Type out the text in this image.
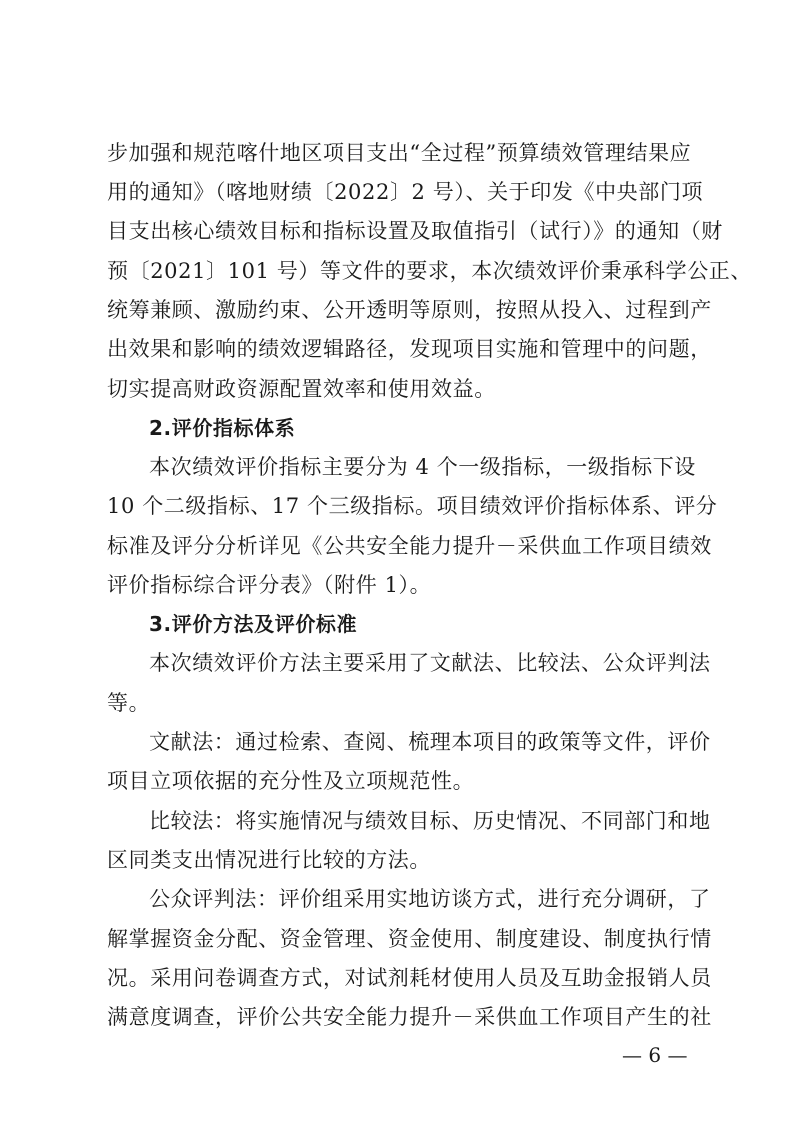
步加强和规范喀什地区项目支出“全过程”预算绩效管理结果应
用的通知》（喀地财绩〔2022〕2 号）、关于印发《中央部门项
目支出核心绩效目标和指标设置及取值指引（试行）》的通知（财
预〔2021〕101 号）等文件的要求，本次绩效评价秉承科学公正、
统筹兼顾、激励约束、公开透明等原则，按照从投入、过程到产
出效果和影响的绩效逻辑路径，发现项目实施和管理中的问题，
切实提高财政资源配置效率和使用效益。
2.评价指标体系
本次绩效评价指标主要分为 4 个一级指标，一级指标下设
10 个二级指标、17 个三级指标。项目绩效评价指标体系、评分
标准及评分分析详见《公共安全能力提升－采供血工作项目绩效
评价指标综合评分表》（附件 1）。
3.评价方法及评价标准
本次绩效评价方法主要采用了文献法、比较法、公众评判法
等。
文献法：通过检索、查阅、梳理本项目的政策等文件，评价
项目立项依据的充分性及立项规范性。
比较法：将实施情况与绩效目标、历史情况、不同部门和地
区同类支出情况进行比较的方法。
公众评判法：评价组采用实地访谈方式，进行充分调研，了
解掌握资金分配、资金管理、资金使用、制度建设、制度执行情
况。采用问卷调查方式，对试剂耗材使用人员及互助金报销人员
满意度调查，评价公共安全能力提升－采供血工作项目产生的社
— 6 —
